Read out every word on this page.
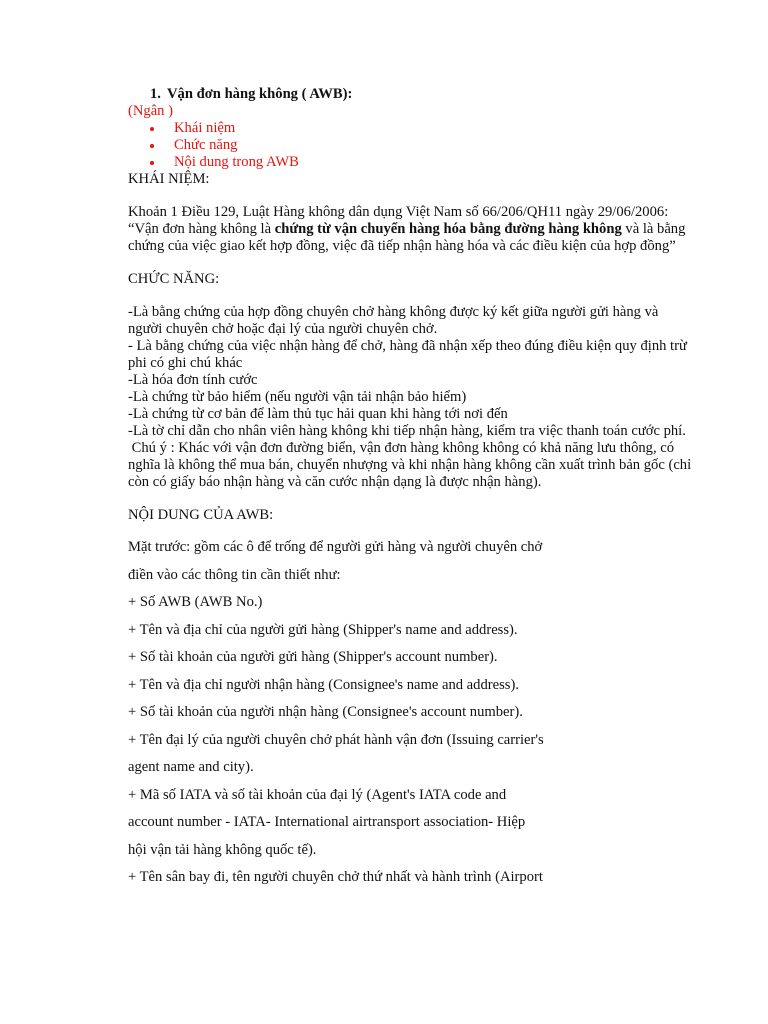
1. Vận đơn hàng không ( AWB):

(Ngân )

Khái niệm
Chức năng
Nội dung trong AWB

KHÁI NIỆM:

Khoản 1 Điều 129, Luật Hàng không dân dụng Việt Nam số 66/206/QH11 ngày 29/06/2006: “Vận đơn hàng không là chứng từ vận chuyển hàng hóa bằng đường hàng không và là bằng chứng của việc giao kết hợp đồng, việc đã tiếp nhận hàng hóa và các điều kiện của hợp đồng”

CHỨC NĂNG:

-Là bằng chứng của hợp đồng chuyên chở hàng không được ký kết giữa người gửi hàng và người chuyên chở hoặc đại lý của người chuyên chở.

- Là bằng chứng của việc nhận hàng để chở, hàng đã nhận xếp theo đúng điều kiện quy định trừ phi có ghi chú khác

-Là hóa đơn tính cước

-Là chứng từ bảo hiểm (nếu người vận tải nhận bảo hiểm)

-Là chứng từ cơ bản để làm thủ tục hải quan khi hàng tới nơi đến

-Là tờ chỉ dẫn cho nhân viên hàng không khi tiếp nhận hàng, kiểm tra việc thanh toán cước phí.

Chú ý : Khác với vận đơn đường biển, vận đơn hàng không không có khả năng lưu thông, có nghĩa là không thể mua bán, chuyển nhượng và khi nhận hàng không cần xuất trình bản gốc (chỉ còn có giấy báo nhận hàng và căn cước nhận dạng là được nhận hàng).

NỘI DUNG CỦA AWB:

Mặt trước: gồm các ô để trống để người gửi hàng và người chuyên chở

điền vào các thông tin cần thiết như:

+ Số AWB (AWB No.)

+ Tên và địa chỉ của người gửi hàng (Shipper's name and address).

+ Số tài khoản của người gửi hàng (Shipper's account number).

+ Tên và địa chỉ người nhận hàng (Consignee's name and address).

+ Số tài khoản của người nhận hàng (Consignee's account number).

+ Tên đại lý của người chuyên chở phát hành vận đơn (Issuing carrier's

agent name and city).

+ Mã số IATA và số tài khoản của đại lý (Agent's IATA code and

account number - IATA- International airtransport association- Hiệp

hội vận tải hàng không quốc tế).

+ Tên sân bay đi, tên người chuyên chở thứ nhất và hành trình (Airport
